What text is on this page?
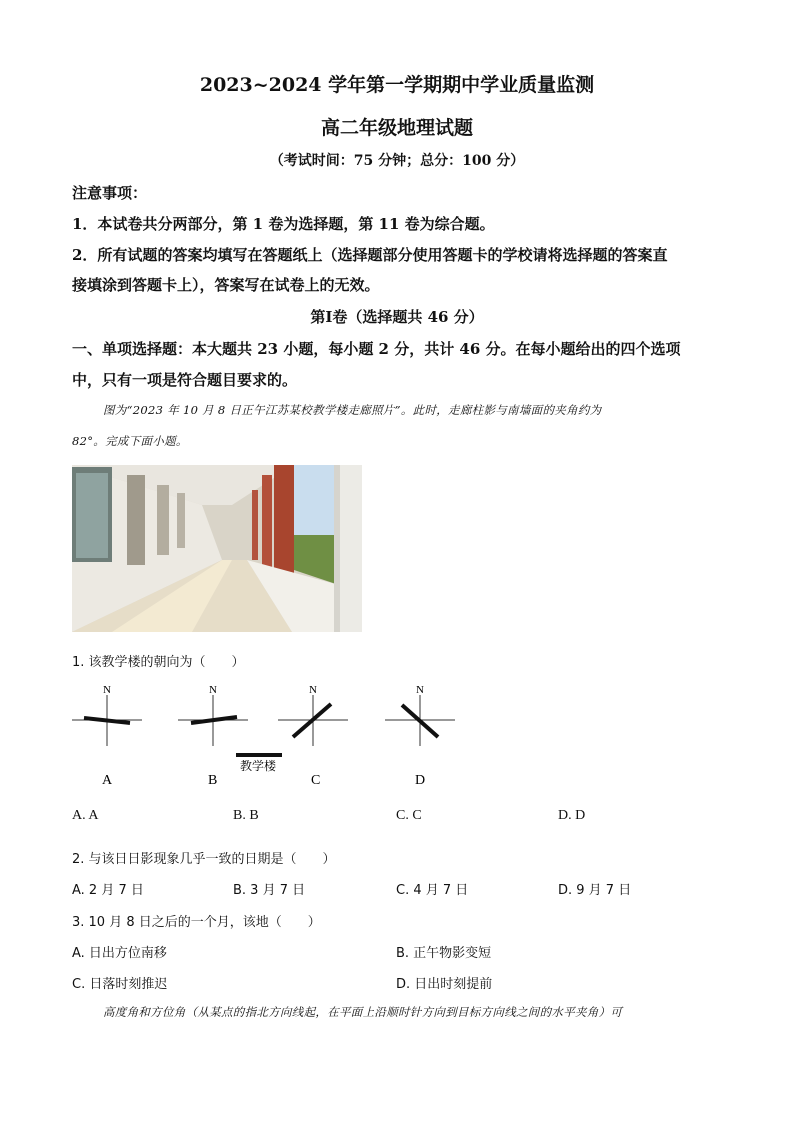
2023~2024 学年第一学期期中学业质量监测
高二年级地理试题
（考试时间：75 分钟；总分：100 分）
注意事项：
1．本试卷共分两部分，第 1 卷为选择题，第 11 卷为综合题。
2．所有试题的答案均填写在答题纸上（选择题部分使用答题卡的学校请将选择题的答案直
接填涂到答题卡上），答案写在试卷上的无效。
第Ⅰ卷（选择题共 46 分）
一、单项选择题：本大题共 23 小题，每小题 2 分，共计 46 分。在每小题给出的四个选项
中，只有一项是符合题目要求的。
图为“2023 年 10 月 8 日正午江苏某校教学楼走廊照片”。此时，走廊柱影与南墙面的夹角约为
82°。完成下面小题。
1. 该教学楼的朝向为（　　）
N
A
N
B
N
C
N
D
教学楼
A. A	B. B	C. C	D. D
2. 与该日日影现象几乎一致的日期是（　　）
A. 2 月 7 日	B. 3 月 7 日	C. 4 月 7 日	D. 9 月 7 日
3. 10 月 8 日之后的一个月，该地（　　）
A. 日出方位南移	B. 正午物影变短
C. 日落时刻推迟	D. 日出时刻提前
高度角和方位角（从某点的指北方向线起，在平面上沿顺时针方向到目标方向线之间的水平夹角）可
